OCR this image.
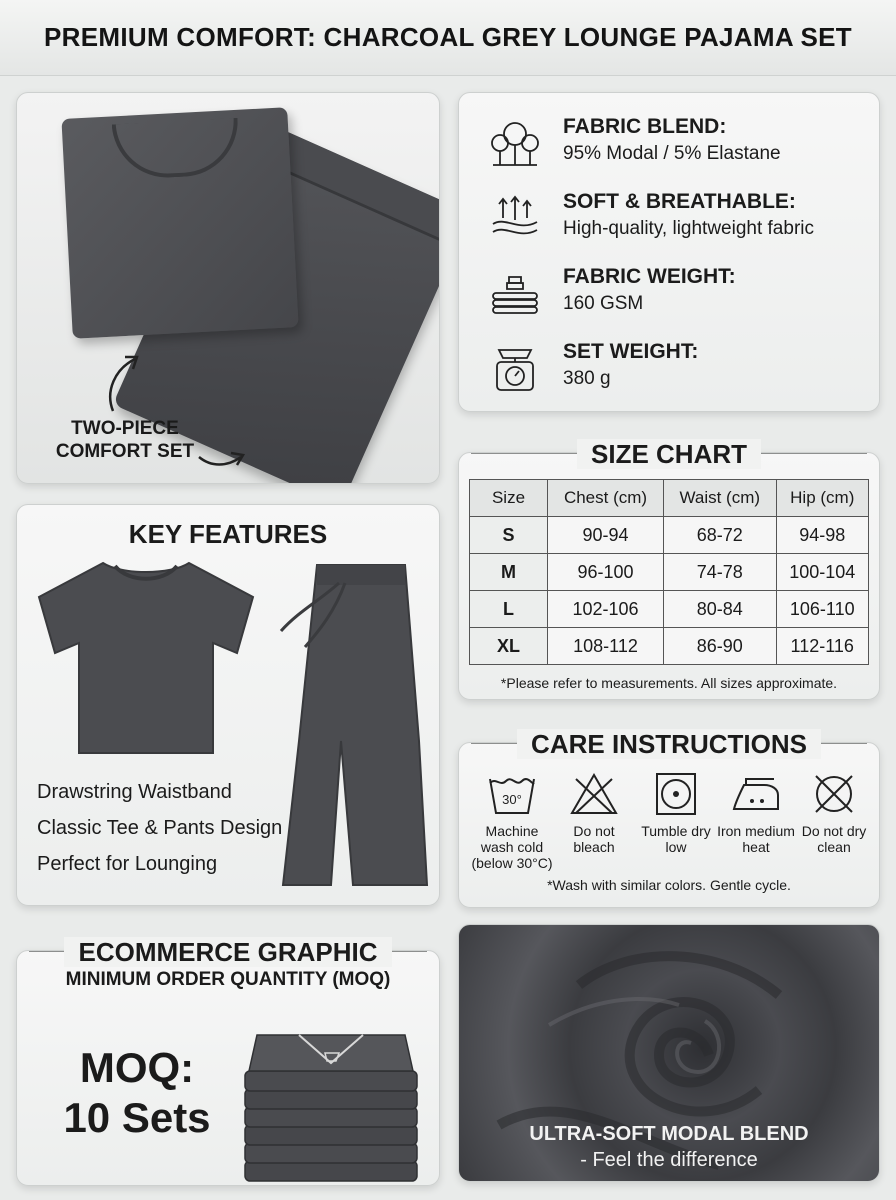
PREMIUM COMFORT: CHARCOAL GREY LOUNGE PAJAMA SET
TWO-PIECE
COMFORT SET
FABRIC BLEND:
95% Modal / 5% Elastane
SOFT & BREATHABLE:
High-quality, lightweight fabric
FABRIC WEIGHT:
160 GSM
SET WEIGHT:
380 g
SIZE CHART
Size	Chest (cm)	Waist (cm)	Hip (cm)
S	90-94	68-72	94-98
M	96-100	74-78	100-104
L	102-106	80-84	106-110
XL	108-112	86-90	112-116
*Please refer to measurements. All sizes approximate.
CARE INSTRUCTIONS
30°
Machine wash cold (below 30°C)
Do not bleach
Tumble dry low
Iron medium heat
Do not dry clean
*Wash with similar colors. Gentle cycle.
KEY FEATURES
Drawstring Waistband
Classic Tee & Pants Design
Perfect for Lounging
ECOMMERCE GRAPHIC
MINIMUM ORDER QUANTITY (MOQ)
MOQ:
10 Sets	ULTRA-SOFT MODAL BLEND
- Feel the difference
